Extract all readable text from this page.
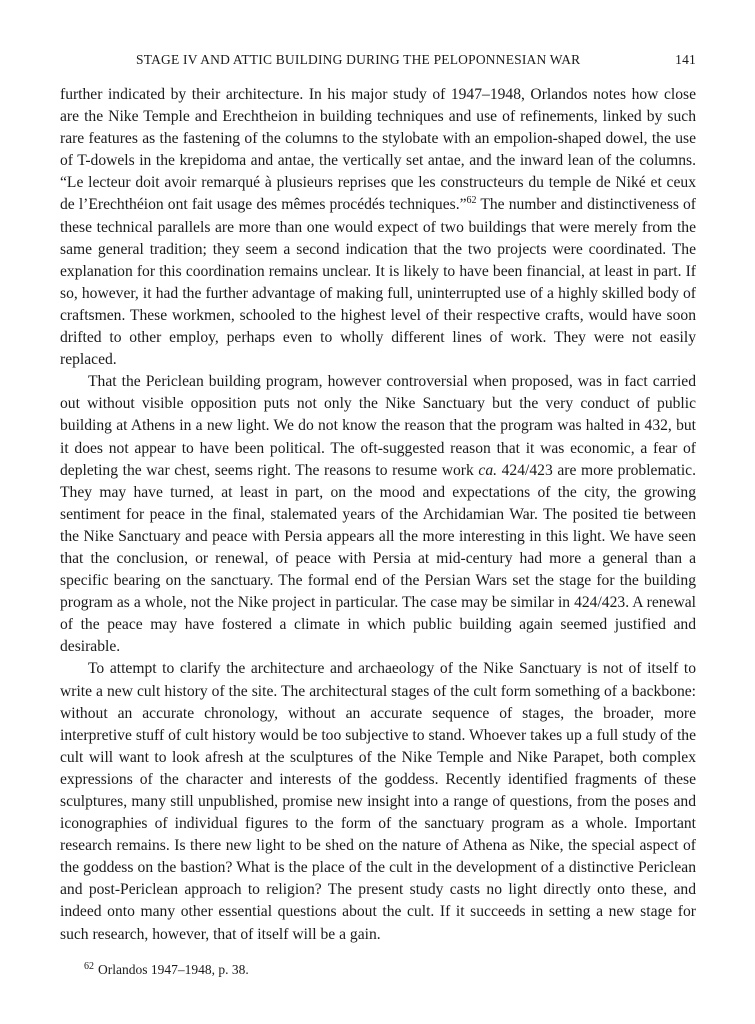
STAGE IV AND ATTIC BUILDING DURING THE PELOPONNESIAN WAR	141

further indicated by their architecture. In his major study of 1947–1948, Orlandos notes how close are the Nike Temple and Erechtheion in building techniques and use of refinements, linked by such rare features as the fastening of the columns to the stylobate with an empolion-shaped dowel, the use of T-dowels in the krepidoma and antae, the vertically set antae, and the inward lean of the columns. “Le lecteur doit avoir remarqué à plusieurs reprises que les constructeurs du temple de Niké et ceux de l’Erechthéion ont fait usage des mêmes procédés techniques.”$^{62}$ The number and distinctiveness of these technical parallels are more than one would expect of two buildings that were merely from the same general tradition; they seem a second indication that the two projects were coordinated. The explanation for this coordination remains unclear. It is likely to have been financial, at least in part. If so, however, it had the further advantage of making full, uninterrupted use of a highly skilled body of craftsmen. These workmen, schooled to the highest level of their respective crafts, would have soon drifted to other employ, perhaps even to wholly different lines of work. They were not easily replaced.

That the Periclean building program, however controversial when proposed, was in fact carried out without visible opposition puts not only the Nike Sanctuary but the very conduct of public building at Athens in a new light. We do not know the reason that the program was halted in 432, but it does not appear to have been political. The oft-suggested reason that it was economic, a fear of depleting the war chest, seems right. The reasons to resume work ca. 424/423 are more problematic. They may have turned, at least in part, on the mood and expectations of the city, the growing sentiment for peace in the final, stalemated years of the Archidamian War. The posited tie between the Nike Sanctuary and peace with Persia appears all the more interesting in this light. We have seen that the conclusion, or renewal, of peace with Persia at mid-century had more a general than a specific bearing on the sanctuary. The formal end of the Persian Wars set the stage for the building program as a whole, not the Nike project in particular. The case may be similar in 424/423. A renewal of the peace may have fostered a climate in which public building again seemed justified and desirable.

To attempt to clarify the architecture and archaeology of the Nike Sanctuary is not of itself to write a new cult history of the site. The architectural stages of the cult form something of a backbone: without an accurate chronology, without an accurate sequence of stages, the broader, more interpretive stuff of cult history would be too subjective to stand. Whoever takes up a full study of the cult will want to look afresh at the sculptures of the Nike Temple and Nike Parapet, both complex expressions of the character and interests of the goddess. Recently identified fragments of these sculptures, many still unpublished, promise new insight into a range of questions, from the poses and iconographies of individual figures to the form of the sanctuary program as a whole. Important research remains. Is there new light to be shed on the nature of Athena as Nike, the special aspect of the goddess on the bastion? What is the place of the cult in the development of a distinctive Periclean and post-Periclean approach to religion? The present study casts no light directly onto these, and indeed onto many other essential questions about the cult. If it succeeds in setting a new stage for such research, however, that of itself will be a gain.

$^{62}$ Orlandos 1947–1948, p. 38.
